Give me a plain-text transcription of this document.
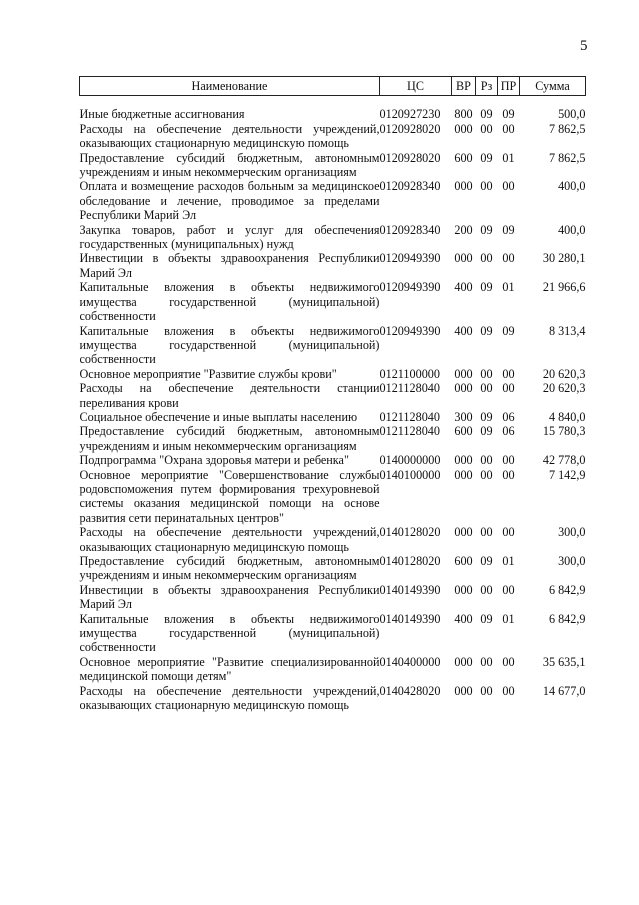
5
Наименование	ЦС	ВР	Рз	ПР	Сумма

Иные бюджетные ассигнования	0120927230	800	09	09	500,0
Расходы на обеспечение деятельности учреждений, оказывающих стационарную медицинскую помощь	0120928020	000	00	00	7 862,5
Предоставление субсидий бюджетным, автономным учреждениям и иным некоммерческим организациям	0120928020	600	09	01	7 862,5
Оплата и возмещение расходов больным за медицинское обследование и лечение, проводимое за пределами Республики Марий Эл	0120928340	000	00	00	400,0
Закупка товаров, работ и услуг для обеспечения государственных (муниципальных) нужд	0120928340	200	09	09	400,0
Инвестиции в объекты здравоохранения Республики Марий Эл	0120949390	000	00	00	30 280,1
Капитальные вложения в объекты недвижимого имущества государственной (муниципальной) собственности	0120949390	400	09	01	21 966,6
Капитальные вложения в объекты недвижимого имущества государственной (муниципальной) собственности	0120949390	400	09	09	8 313,4
Основное мероприятие "Развитие службы крови"	0121100000	000	00	00	20 620,3
Расходы на обеспечение деятельности станции переливания крови	0121128040	000	00	00	20 620,3
Социальное обеспечение и иные выплаты населению	0121128040	300	09	06	4 840,0
Предоставление субсидий бюджетным, автономным учреждениям и иным некоммерческим организациям	0121128040	600	09	06	15 780,3
Подпрограмма "Охрана здоровья матери и ребенка"	0140000000	000	00	00	42 778,0
Основное мероприятие "Совершенствование службы родовспоможения путем формирования трехуровневой системы оказания медицинской помощи на основе развития сети перинатальных центров"	0140100000	000	00	00	7 142,9
Расходы на обеспечение деятельности учреждений, оказывающих стационарную медицинскую помощь	0140128020	000	00	00	300,0
Предоставление субсидий бюджетным, автономным учреждениям и иным некоммерческим организациям	0140128020	600	09	01	300,0
Инвестиции в объекты здравоохранения Республики Марий Эл	0140149390	000	00	00	6 842,9
Капитальные вложения в объекты недвижимого имущества государственной (муниципальной) собственности	0140149390	400	09	01	6 842,9
Основное мероприятие "Развитие специализированной медицинской помощи детям"	0140400000	000	00	00	35 635,1
Расходы на обеспечение деятельности учреждений, оказывающих стационарную медицинскую помощь	0140428020	000	00	00	14 677,0
